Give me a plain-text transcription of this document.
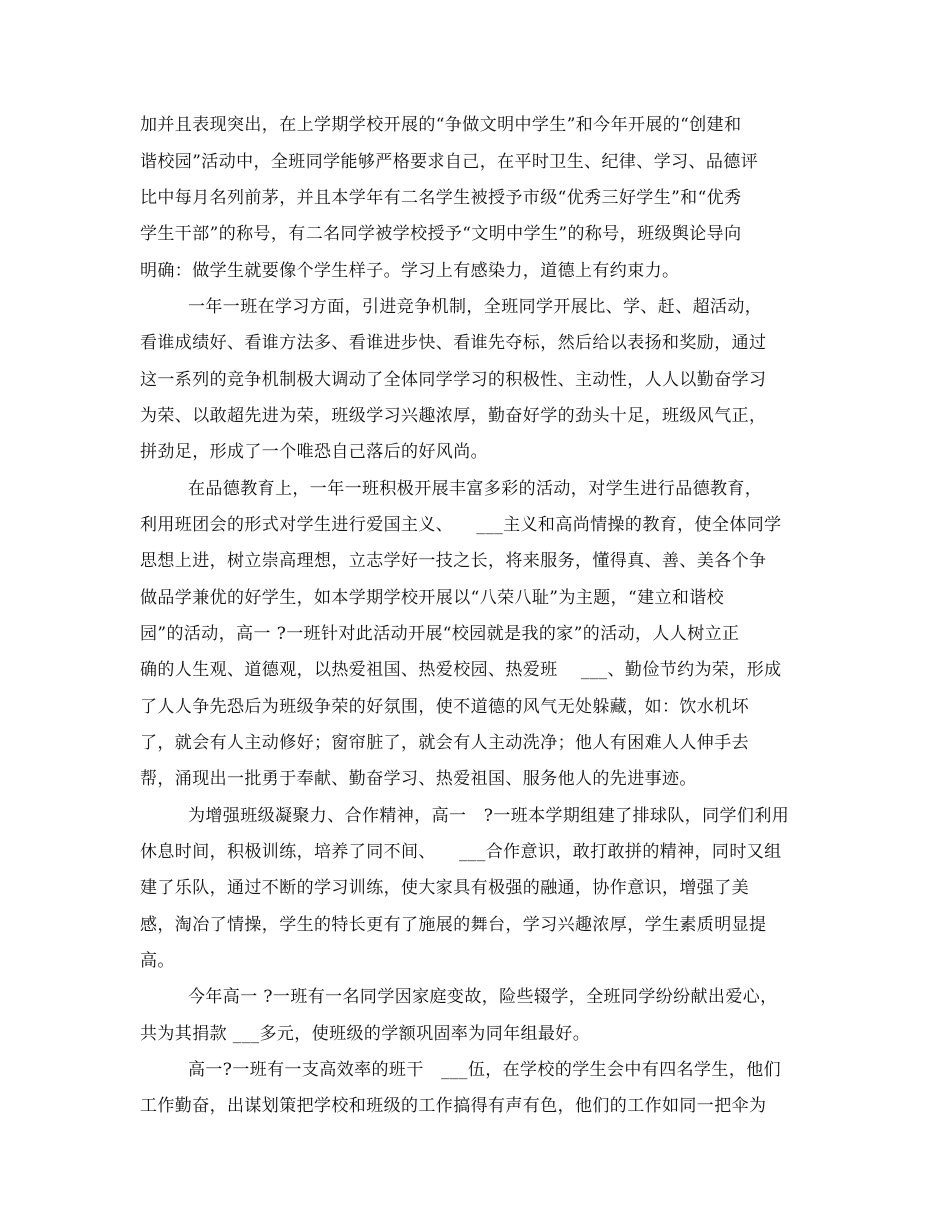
加并且表现突出，在上学期学校开展的“争做文明中学生”和今年开展的“创建和
谐校园”活动中，全班同学能够严格要求自己，在平时卫生、纪律、学习、品德评
比中每月名列前茅，并且本学年有二名学生被授予市级“优秀三好学生”和“优秀
学生干部”的称号，有二名同学被学校授予“文明中学生”的称号，班级舆论导向
明确：做学生就要像个学生样子。学习上有感染力，道德上有约束力。
一年一班在学习方面，引进竞争机制，全班同学开展比、学、赶、超活动，
看谁成绩好、看谁方法多、看谁进步快、看谁先夺标，然后给以表扬和奖励，通过
这一系列的竞争机制极大调动了全体同学学习的积极性、主动性，人人以勤奋学习
为荣、以敢超先进为荣，班级学习兴趣浓厚，勤奋好学的劲头十足，班级风气正，
拼劲足，形成了一个唯恐自己落后的好风尚。
在品德教育上，一年一班积极开展丰富多彩的活动，对学生进行品德教育，
利用班团会的形式对学生进行爱国主义、    ___主义和高尚情操的教育，使全体同学
思想上进，树立崇高理想，立志学好一技之长，将来服务，懂得真、善、美各个争
做品学兼优的好学生，如本学期学校开展以“八荣八耻”为主题，“建立和谐校
园”的活动，高一 ?一班针对此活动开展“校园就是我的家”的活动，人人树立正
确的人生观、道德观，以热爱祖国、热爱校园、热爱班    ___、勤俭节约为荣，形成
了人人争先恐后为班级争荣的好氛围，使不道德的风气无处躲藏，如：饮水机坏
了，就会有人主动修好；窗帘脏了，就会有人主动洗净；他人有困难人人伸手去
帮，涌现出一批勇于奉献、勤奋学习、热爱祖国、服务他人的先进事迹。
为增强班级凝聚力、合作精神，高一   ?一班本学期组建了排球队，同学们利用
休息时间，积极训练，培养了同不间、    ___合作意识，敢打敢拼的精神，同时又组
建了乐队，通过不断的学习训练，使大家具有极强的融通，协作意识，增强了美
感，淘冶了情操，学生的特长更有了施展的舞台，学习兴趣浓厚，学生素质明显提
高。
今年高一 ?一班有一名同学因家庭变故，险些辍学，全班同学纷纷献出爱心，
共为其捐款 ___多元，使班级的学额巩固率为同年组最好。
高一?一班有一支高效率的班干   ___伍，在学校的学生会中有四名学生，他们
工作勤奋，出谋划策把学校和班级的工作搞得有声有色，他们的工作如同一把伞为
